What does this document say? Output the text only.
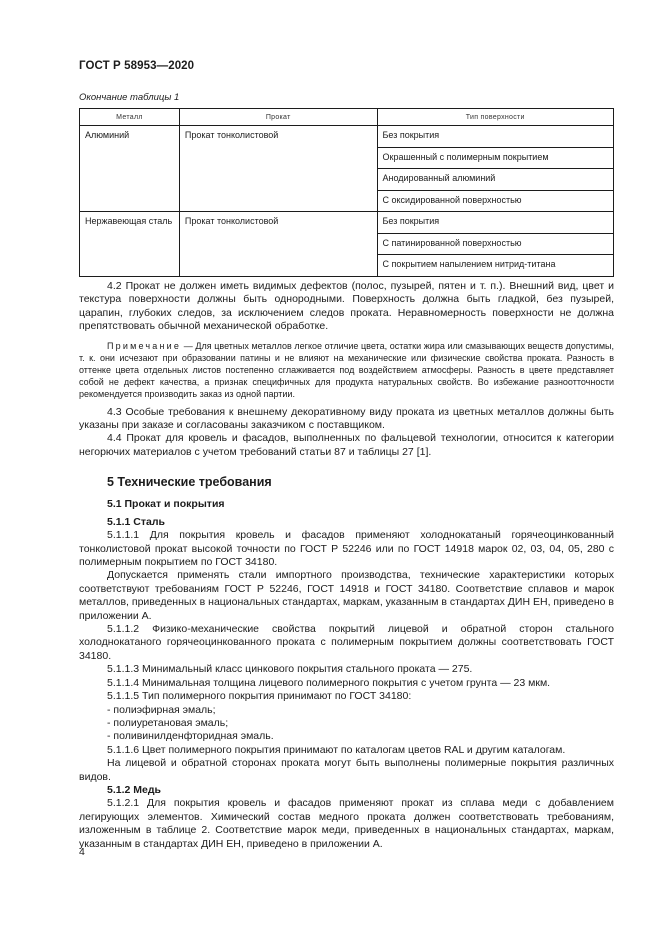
ГОСТ Р 58953—2020
Окончание таблицы 1
Металл	Прокат	Тип поверхности
Алюминий	Прокат тонколистовой	Без покрытия
		Окрашенный с полимерным покрытием
		Анодированный алюминий
		С оксидированной поверхностью
Нержавеющая сталь	Прокат тонколистовой	Без покрытия
		С патинированной поверхностью
		С покрытием напылением нитрид-титана

4.2 Прокат не должен иметь видимых дефектов (полос, пузырей, пятен и т. п.). Внешний вид, цвет и текстура поверхности должны быть однородными. Поверхность должна быть гладкой, без пузырей, царапин, глубоких следов, за исключением следов проката. Неравномерность поверхности не должна препятствовать обычной механической обработке.

Примечание — Для цветных металлов легкое отличие цвета, остатки жира или смазывающих веществ допустимы, т. к. они исчезают при образовании патины и не влияют на механические или физические свойства проката. Разность в оттенке цвета отдельных листов постепенно сглаживается под воздействием атмосферы. Разность в цвете представляет собой не дефект качества, а признак специфичных для продукта натуральных свойств. Во избежание разноотточности рекомендуется производить заказ из одной партии.

4.3 Особые требования к внешнему декоративному виду проката из цветных металлов должны быть указаны при заказе и согласованы заказчиком с поставщиком.

4.4 Прокат для кровель и фасадов, выполненных по фальцевой технологии, относится к категории негорючих материалов с учетом требований статьи 87 и таблицы 27 [1].

5 Технические требования

5.1 Прокат и покрытия

5.1.1 Сталь

5.1.1.1 Для покрытия кровель и фасадов применяют холоднокатаный горячеоцинкованный тонколистовой прокат высокой точности по ГОСТ Р 52246 или по ГОСТ 14918 марок 02, 03, 04, 05, 280 с полимерным покрытием по ГОСТ 34180.

Допускается применять стали импортного производства, технические характеристики которых соответствуют требованиям ГОСТ Р 52246, ГОСТ 14918 и ГОСТ 34180. Соответствие сплавов и марок металлов, приведенных в национальных стандартах, маркам, указанным в стандартах ДИН ЕН, приведено в приложении А.

5.1.1.2 Физико-механические свойства покрытий лицевой и обратной сторон стального холоднокатаного горячеоцинкованного проката с полимерным покрытием должны соответствовать ГОСТ 34180.

5.1.1.3 Минимальный класс цинкового покрытия стального проката — 275.

5.1.1.4 Минимальная толщина лицевого полимерного покрытия с учетом грунта — 23 мкм.

5.1.1.5 Тип полимерного покрытия принимают по ГОСТ 34180:

- полиэфирная эмаль;

- полиуретановая эмаль;

- поливинилденфторидная эмаль.

5.1.1.6 Цвет полимерного покрытия принимают по каталогам цветов RAL и другим каталогам.

На лицевой и обратной сторонах проката могут быть выполнены полимерные покрытия различных видов.

5.1.2 Медь

5.1.2.1 Для покрытия кровель и фасадов применяют прокат из сплава меди с добавлением легирующих элементов. Химический состав медного проката должен соответствовать требованиям, изложенным в таблице 2. Соответствие марок меди, приведенных в национальных стандартах, маркам, указанным в стандартах ДИН ЕН, приведено в приложении А.

4
